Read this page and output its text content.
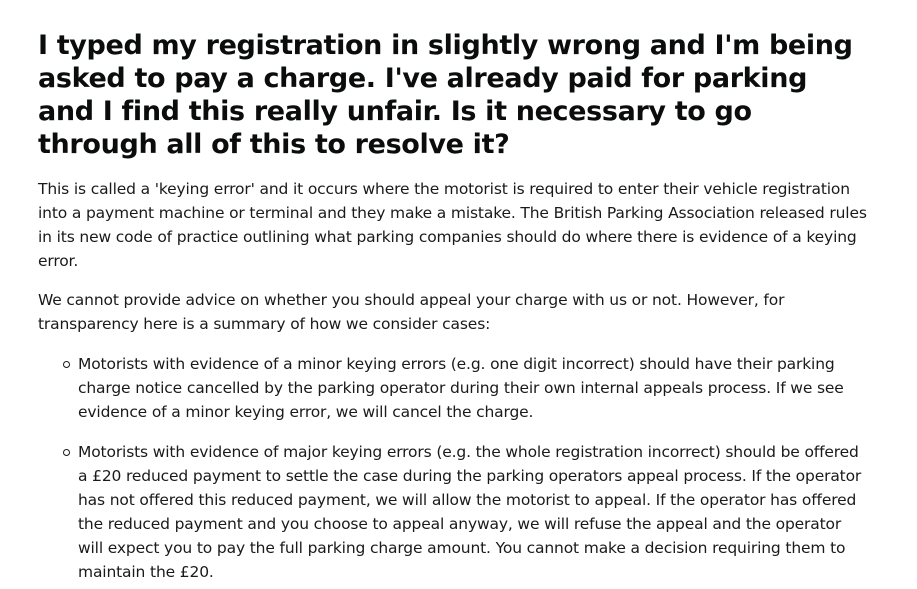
I typed my registration in slightly wrong and I'm being asked to pay a charge. I've already paid for parking and I find this really unfair. Is it necessary to go through all of this to resolve it?

This is called a 'keying error' and it occurs where the motorist is required to enter their vehicle registration into a payment machine or terminal and they make a mistake. The British Parking Association released rules in its new code of practice outlining what parking companies should do where there is evidence of a keying error.

We cannot provide advice on whether you should appeal your charge with us or not. However, for transparency here is a summary of how we consider cases:

Motorists with evidence of a minor keying errors (e.g. one digit incorrect) should have their parking charge notice cancelled by the parking operator during their own internal appeals process. If we see evidence of a minor keying error, we will cancel the charge.
Motorists with evidence of major keying errors (e.g. the whole registration incorrect) should be offered a £20 reduced payment to settle the case during the parking operators appeal process. If the operator has not offered this reduced payment, we will allow the motorist to appeal. If the operator has offered the reduced payment and you choose to appeal anyway, we will refuse the appeal and the operator will expect you to pay the full parking charge amount. You cannot make a decision requiring them to maintain the £20.
